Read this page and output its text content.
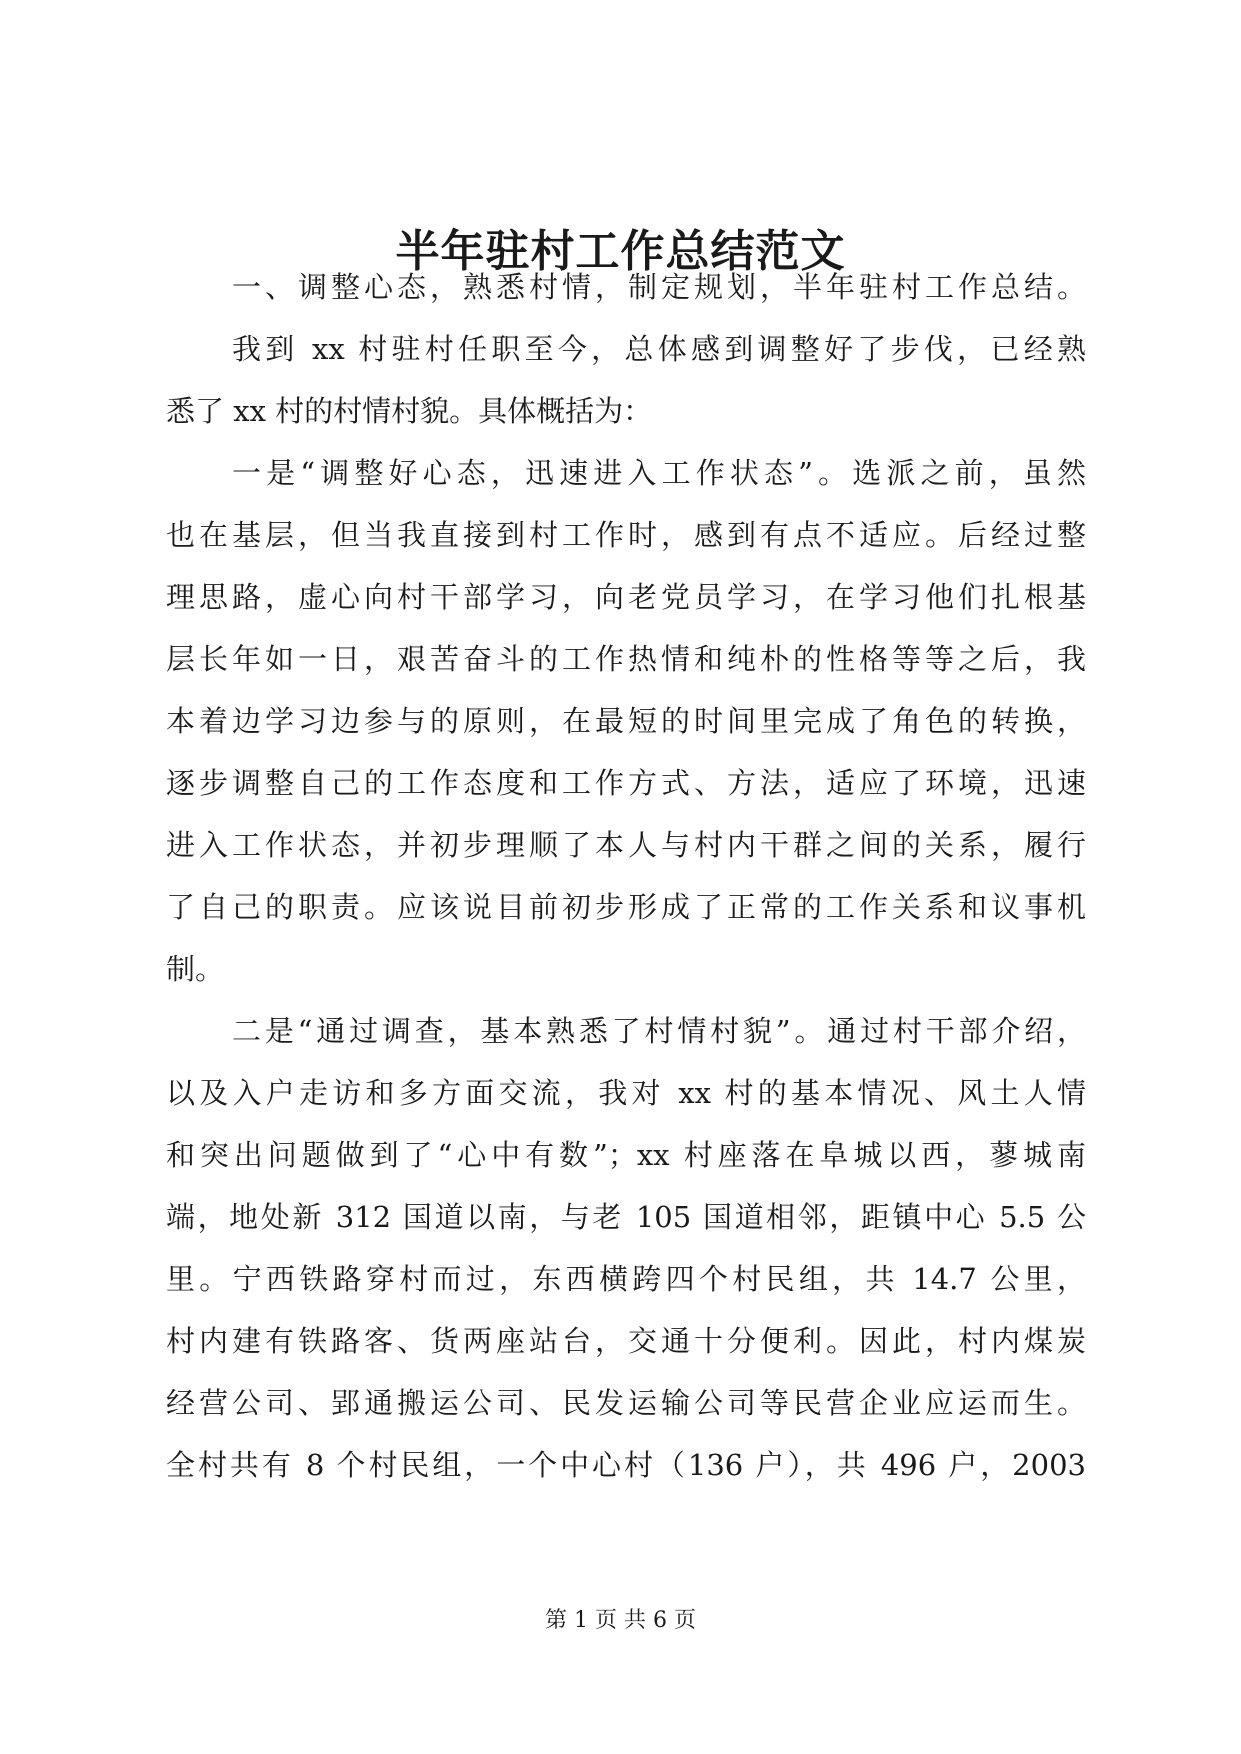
半年驻村工作总结范文
一、调整心态，熟悉村情，制定规划，半年驻村工作总结。
我到 xx 村驻村任职至今，总体感到调整好了步伐，已经熟
悉了 xx 村的村情村貌。具体概括为：
一是“调整好心态，迅速进入工作状态”。选派之前，虽然
也在基层，但当我直接到村工作时，感到有点不适应。后经过整
理思路，虚心向村干部学习，向老党员学习，在学习他们扎根基
层长年如一日，艰苦奋斗的工作热情和纯朴的性格等等之后，我
本着边学习边参与的原则，在最短的时间里完成了角色的转换，
逐步调整自己的工作态度和工作方式、方法，适应了环境，迅速
进入工作状态，并初步理顺了本人与村内干群之间的关系，履行
了自己的职责。应该说目前初步形成了正常的工作关系和议事机
制。
二是“通过调查，基本熟悉了村情村貌”。通过村干部介绍，
以及入户走访和多方面交流，我对 xx 村的基本情况、风土人情
和突出问题做到了“心中有数”；xx 村座落在阜城以西，蓼城南
端，地处新 312 国道以南，与老 105 国道相邻，距镇中心 5.5 公
里。宁西铁路穿村而过，东西横跨四个村民组，共 14.7 公里，
村内建有铁路客、货两座站台，交通十分便利。因此，村内煤炭
经营公司、郢通搬运公司、民发运输公司等民营企业应运而生。
全村共有 8 个村民组，一个中心村（136 户），共 496 户，2003
第 1 页 共 6 页
